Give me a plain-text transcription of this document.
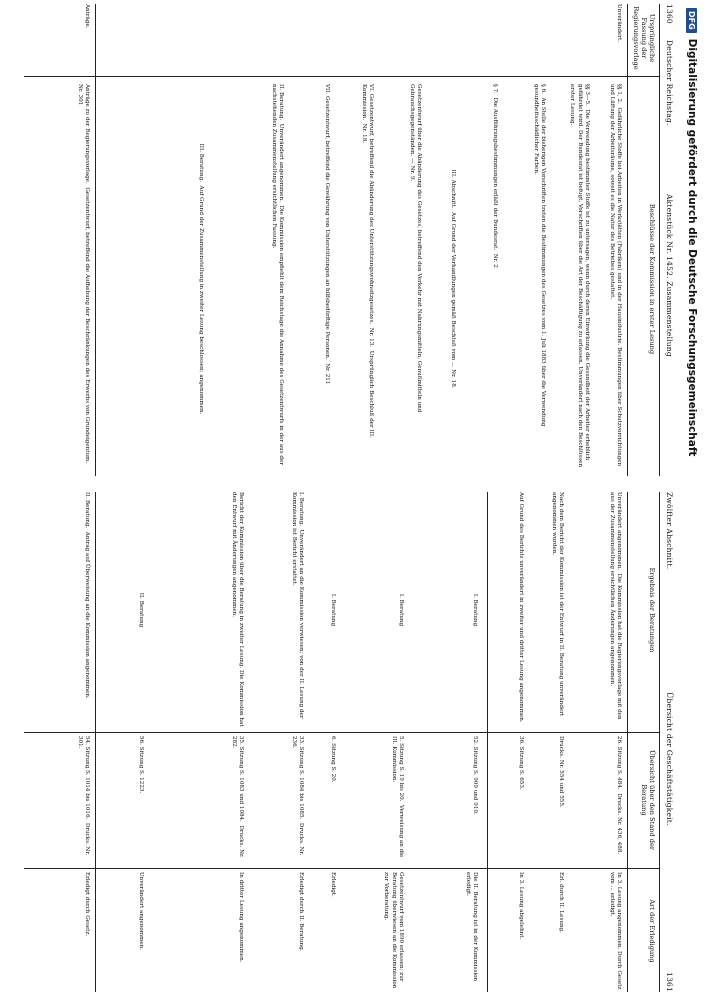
1360
Deutscher Reichstag.
Aktenstück Nr. 1452. Zusammenstellung
Ursprüngliche Fassung der Regierungsvorlage
Beschlüsse der Kommission in erster Lesung
Unverändert.
§§ 1, 2.  Gefährliche Stoffe bei Arbeiten in Werkstätten (Fabriken) und in der Hausindustrie. Bestimmungen über Schutzvorrichtungen und Lüftung der Arbeitsräume, soweit es die Natur des Betriebes gestattet.
§§ 3—5.  Die Verwendung bestimmter Stoffe ist zu untersagen, wenn durch deren Einwirkung die Gesundheit der Arbeiter erheblich gefährdet wird. Der Bundesrat ist befugt, Vorschriften über die Art der Beschäftigung zu erlassen. Unverändert nach den Beschlüssen erster Lesung.
§ 6.  An Stelle der bisherigen Vorschriften treten die Bestimmungen des Gesetzes vom 1. Juli 1883 über die Verwendung gesundheitsschädlicher Farben.
§ 7.  Die Ausführungsbestimmungen erläßt der Bundesrat.  Nr. 2
III. Abschnitt.  Auf Grund der Verhandlungen gemäß Beschluß vom ... Nr. 18.
Gesetzentwurf über die Abänderung des Gesetzes, betreffend den Verkehr mit Nahrungsmitteln, Genußmitteln und Gebrauchsgegenständen. — Nr. 9.
VI. Gesetzentwurf, betreffend die Abänderung des Unterstützungswohnsitzgesetzes.  Nr. 13.  Ursprünglich Beschluß der III. Kommission.  Nr. 18.
VII. Gesetzentwurf, betreffend die Gewährung von Unterstützungen an hilfsbedürftige Personen.  Nr. 211
II. Beratung.  Unverändert angenommen.  Die Kommission empfiehlt dem Reichstage die Annahme des Gesetzentwurfs in der aus der nachstehenden Zusammenstellung ersichtlichen Fassung.
III. Beratung.  Auf Grund der Zusammenstellung in zweiter Lesung beschlossen; angenommen.
Anträge.
Anträge zu der Regierungsvorlage.  Gesetzentwurf, betreffend die Aufhebung der Beschränkungen des Erwerbs von Grundeigentum.  Nr. 301
Zwölfter Abschnitt.
Übersicht der Geschäftstätigkeit.
1361
Ergebnis der Beratungen
Übersicht über den Stand der Beratung
Art der Erledigung
Unverändert angenommen.  Die Kommission hat die Regierungsvorlage mit den aus der Zusammenstellung ersichtlichen Änderungen angenommen.
26. Sitzung S. 484.  Drucks. Nr. 436, 488.
In 3. Lesung angenommen. Durch Gesetz vom ... erledigt.
Nach dem Bericht der Kommission ist der Entwurf in II. Beratung unverändert angenommen worden.
Drucks. Nr. 554 und 555.
Erl. durch II. Lesung.
Auf Grund des Berichts unverändert in zweiter und dritter Lesung angenommen.
36. Sitzung S. 653.
In 3. Lesung abgelehnt.
I. Beratung
52. Sitzung S. 909 und 910.
Die II. Beratung ist in der Kommission erledigt.
I. Beratung
5. Sitzung S. 19 bis 20.  Verweisung an die III. Kommission.
Gesetzentwurf vom 1890 erlassen; zur Beratung überwiesen an die Kommission zur Vorberatung.
I. Beratung
6. Sitzung S. 20.
Erledigt.
I. Beratung.  Unverändert an die Kommission verwiesen; von der II. Lesung der Kommission ist Bericht erstattet.
33. Sitzung S. 1084 bis 1085.  Drucks. Nr. 236.
Erledigt durch II. Beratung.
Bericht der Kommission über die Beratung in zweiter Lesung. Die Kommission hat den Entwurf mit Änderungen angenommen.
35. Sitzung S. 1083 und 1084.  Drucks. Nr. 282.
In dritter Lesung angenommen.
II. Beratung
56. Sitzung S. 1223.
Unverändert angenommen.
II. Beratung.  Antrag auf Überweisung an die Kommission angenommen.
54. Sitzung S. 1014 bis 1016.  Drucks. Nr. 301.
Erledigt durch Gesetz.
DFGDigitalisierung gefördert durch die Deutsche Forschungsgemeinschaft
